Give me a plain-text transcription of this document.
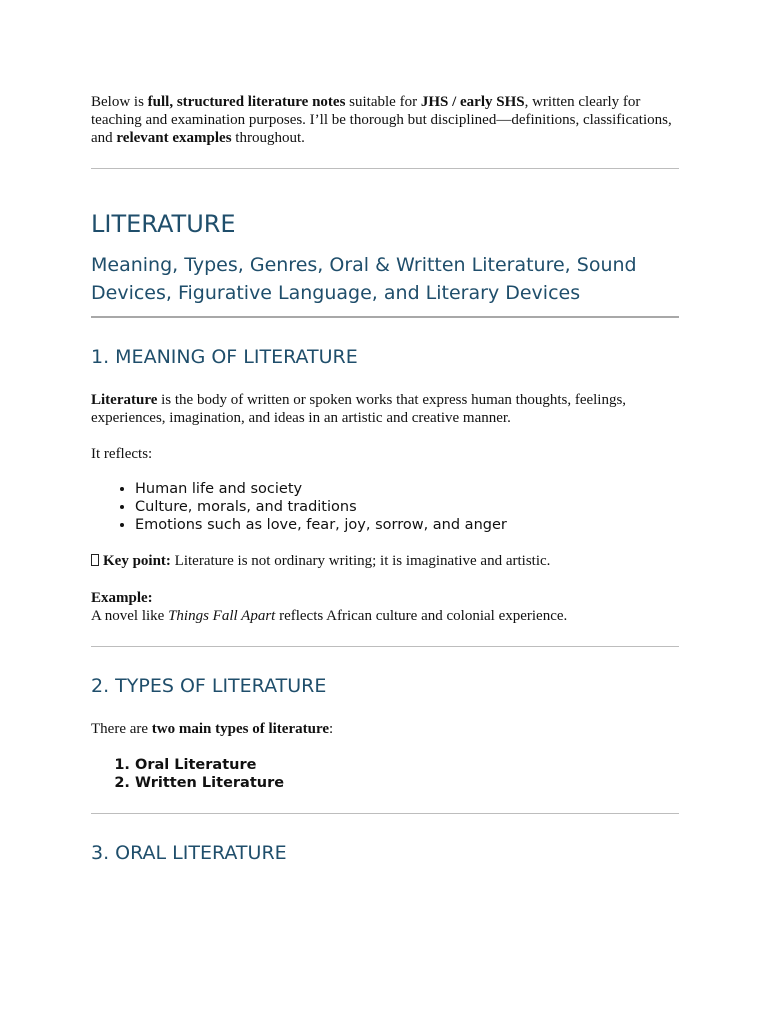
Below is full, structured literature notes suitable for JHS / early SHS, written clearly for teaching and examination purposes. I’ll be thorough but disciplined—definitions, classifications, and relevant examples throughout.

LITERATURE
Meaning, Types, Genres, Oral & Written Literature, Sound Devices, Figurative Language, and Literary Devices
1. MEANING OF LITERATURE

Literature is the body of written or spoken works that express human thoughts, feelings, experiences, imagination, and ideas in an artistic and creative manner.

It reflects:

• Human life and society
• Culture, morals, and traditions
• Emotions such as love, fear, joy, sorrow, and anger

Key point: Literature is not ordinary writing; it is imaginative and artistic.

Example:

A novel like Things Fall Apart reflects African culture and colonial experience.

2. TYPES OF LITERATURE

There are two main types of literature:

1. Oral Literature
2. Written Literature
3. ORAL LITERATURE
